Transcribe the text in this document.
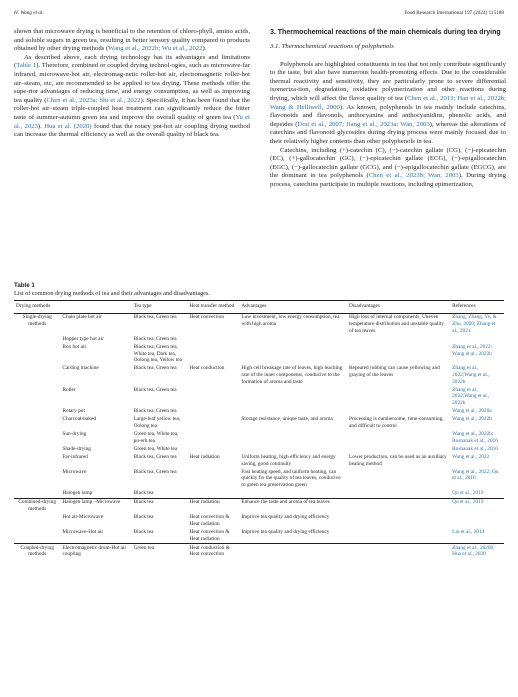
H. Wang et al.	Food Research International 197 (2024) 115188

shown that microwave drying is beneficial to the retention of chloro-phyll, amino acids, and soluble sugars in green tea, resulting in better sensory quality compared to products obtained by other drying methods (Wang et al., 2022b; Wu et al., 2022).

As described above, each drying technology has its advantages and limitations (Table 1). Therefore, combined or coupled drying technol-ogies, such as microwave-far infrared, microwave-hot air, electromag-netic roller-hot air, electromagnetic roller-hot air–steam, etc, are recommended to be applied to tea drying. These methods offer the supe-rior advantages of reducing time, and energy consumption, as well as improving tea quality (Chen et al., 2023a; Shi et al., 2022). Specifically, it has been found that the roller-hot air–steam triple-coupled heat treatment can significantly reduce the bitter taste of summer-autumn green tea and improve the overall quality of green tea (Yu et al., 2023). Hua et al. (2020) found that the rotary pot-hot air coupling drying method can increase the thermal efficiency as well as the overall quality of black tea.

3. Thermochemical reactions of the main chemicals during tea drying
3.1. Thermochemical reactions of polyphenols

Polyphenols are highlighted constituents in tea that not only contribute significantly to the taste, but also have numerous health-promoting effects. Due to the considerable thermal reactivity and sensitivity, they are particularly prone to severe differential isomeriza-tion, degradation, oxidative polymerization and other reactions during drying, which will affect the flavor quality of tea (Chen et al., 2013; Han et al., 2022b; Wang & Helliwell, 2000). As known, polyphenols in tea mainly include catechins, flavonoids and flavonols, anthocyanins and anthocyanidins, phenolic acids, and depsides (Dou et al., 2007; Jiang et al., 2023a; Wan, 2003), whereas the alterations of catechins and flavonoid glycosides during drying process were mainly focused due to their relatively higher contents than other polyphenols in tea.

Catechins, including (+)-catechin (C), (−)-catechin gallate (CG), (−)-epicatechin (EC), (+)-gallocatechin (GC), (−)-epicatechin gallate (ECG), (−)-epigallocatechin (EGC), (−)-gallocatechin gallate (GCG), and (−)-epigallocatechin gallate (EGCG), are the dominant in tea polyphenols (Chen et al., 2023b; Wan, 2003). During drying process, catechins participate in multiple reactions, including epimerization,

Table 1
List of common drying methods of tea and their advantages and disadvantages.
Drying methods		Tea type	Heat transfer method	Advantages	Disadvantages	References
Single-drying methods	Chain plate hot air	Black tea, Green tea	Heat convection	Low investment, low energy consumption, tea with high aroma	High loss of internal components, Uneven temperature distribution and unstable quality of tea leaves	Zhang, Zhang, Ye, & Zhu, 2020; Zhang et al., 2021
	Hopper type hot air	Black tea, Green tea				
	Box hot air	Black tea, Green tea, White tea, Dark tea, Oolong tea, Yellow tea				Zhang et al., 2022; Wang et al., 2022b
	Carding machine	Black tea, Green tea	Heat conduction	High cell breakage rate of leaves, high leaching rate of the inner components, conducive to the formation of aroma and taste	Repeated rubbing can cause yellowing and graying of the leaves	Zhang et al., 2022;Wang et al., 2022b
	Roller	Black tea, Green tea				Zhang et al., 2022;Wang et al., 2022b
	Rotary pot	Black tea, Green tea				Wang et al., 2020a
	Charcoal-baked	Large-leaf yellow tea, Oolong tea		Storage resistance, unique taste, and aroma	Processing is cumbersome, time-consuming, and difficult to control	Wang et al., 2022b
	Sun-drying	Green tea, White tea, pu-erh tea				Wang et al., 2022b; Roshanak et al., 2016
	Shade-drying	Green tea, White tea				Roshanak et al., 2016
	Far-infrared	Black tea, Green tea	Heat radiation	Uniform heating, high efficiency and energy saving, good continuity	Lower production, can be used as an auxiliary heating method	Wang et al., 2022
	Microwave	Black tea, Green tea		Fast heating speed, and uniform heating, can quickly fix the quality of tea leaves, conducive to green tea preservation green		Wang et al., 2022; Qu et al., 2018
	Halogen lamp	Black tea				Qu et al., 2019
Combined-drying methods	Halogen lamp –Microwave	Black tea	Heat radiation	Enhance the taste and aroma of tea leaves		Qu et al., 2019
	Hot air-Microwave	Black tea	Heat convection & Heat radiation	Improve tea quality and drying efficiency		
	Microwave-Hot air	Black tea	Heat convection & Heat radiation	Improve tea quality and drying efficiency		Lin et al., 2014
Coupled-drying methods	Electromagnetic drum-Hot air coupling	Green tea	Heat conduction & Heat convection			Zhang et al., 2020b; Hua et al., 2020
